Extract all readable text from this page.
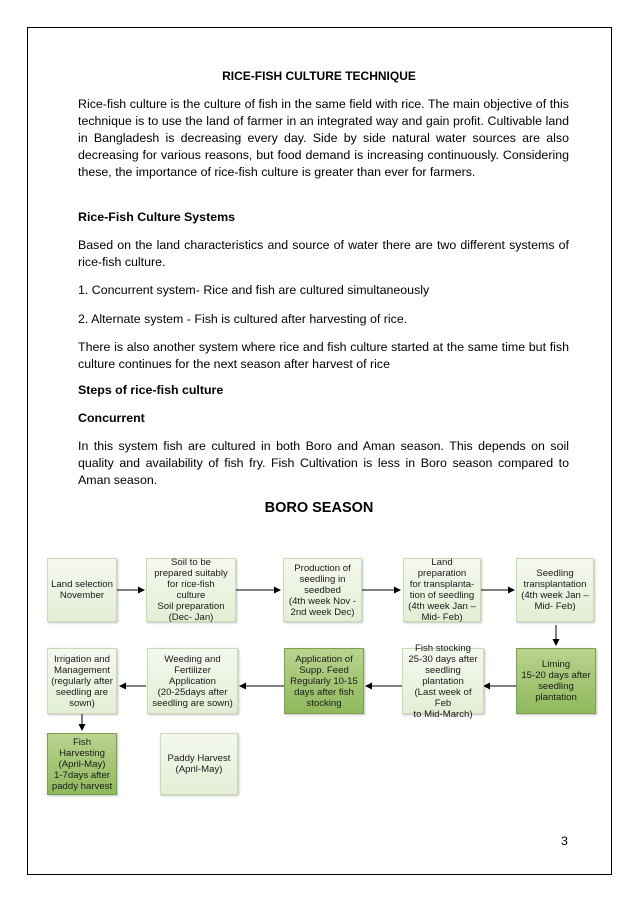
RICE-FISH CULTURE TECHNIQUE

Rice-fish culture is the culture of fish in the same field with rice. The main objective of this technique is to use the land of farmer in an integrated way and gain profit. Cultivable land in Bangladesh is decreasing every day. Side by side natural water sources are also decreasing for various reasons, but food demand is increasing continuously. Considering these, the importance of rice-fish culture is greater than ever for farmers.

Rice-Fish Culture Systems

Based on the land characteristics and source of water there are two different systems of rice-fish culture.

1. Concurrent system- Rice and fish are cultured simultaneously

2. Alternate system - Fish is cultured after harvesting of rice.

There is also another system where rice and fish culture started at the same time but fish culture continues for the next season after harvest of rice

Steps of rice-fish culture

Concurrent

In this system fish are cultured in both Boro and Aman season. This depends on soil quality and availability of fish fry. Fish Cultivation is less in Boro season compared to Aman season.

BORO SEASON
Land selection
November
Soil to be
prepared suitably
for rice-fish
culture
Soil preparation
(Dec- Jan)
Production of
seedling in
seedbed
(4th week Nov -
2nd week Dec)
Land preparation
for transplanta-
tion of seedling
(4th week Jan –
Mid- Feb)
Seedling
transplantation
(4th week Jan –
Mid- Feb)
Liming
15-20 days after
seedling
plantation
Fish stocking
25-30 days after
seedling
plantation
(Last week of Feb
to Mid-March)
Application of
Supp. Feed
Regularly 10-15
days after fish
stocking
Weeding and
Fertilizer Application
(20-25days after
seedling are sown)
Irrigation and
Management
(regularly after
seedling are
sown)
Fish Harvesting
(April-May)
1-7days after
paddy harvest
Paddy Harvest
(April-May)
3
